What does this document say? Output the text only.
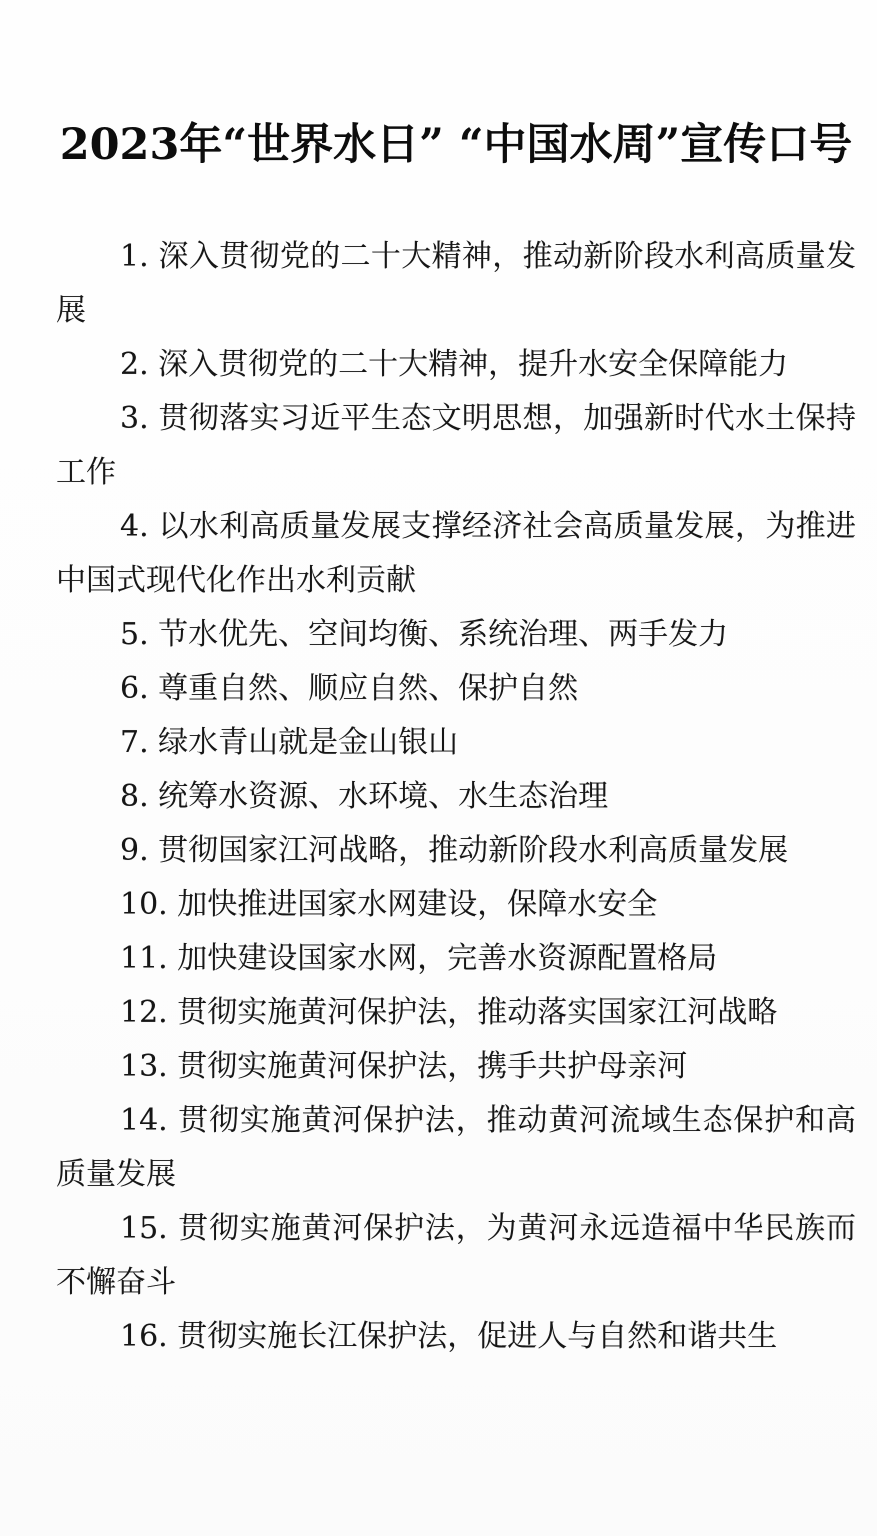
2023年“世界水日” “中国水周”宣传口号

1. 深入贯彻党的二十大精神，推动新阶段水利高质量发展

2. 深入贯彻党的二十大精神，提升水安全保障能力

3. 贯彻落实习近平生态文明思想，加强新时代水土保持工作

4. 以水利高质量发展支撑经济社会高质量发展，为推进中国式现代化作出水利贡献

5. 节水优先、空间均衡、系统治理、两手发力

6. 尊重自然、顺应自然、保护自然

7. 绿水青山就是金山银山

8. 统筹水资源、水环境、水生态治理

9. 贯彻国家江河战略，推动新阶段水利高质量发展

10. 加快推进国家水网建设，保障水安全

11. 加快建设国家水网，完善水资源配置格局

12. 贯彻实施黄河保护法，推动落实国家江河战略

13. 贯彻实施黄河保护法，携手共护母亲河

14. 贯彻实施黄河保护法，推动黄河流域生态保护和高质量发展

15. 贯彻实施黄河保护法，为黄河永远造福中华民族而不懈奋斗

16. 贯彻实施长江保护法，促进人与自然和谐共生
